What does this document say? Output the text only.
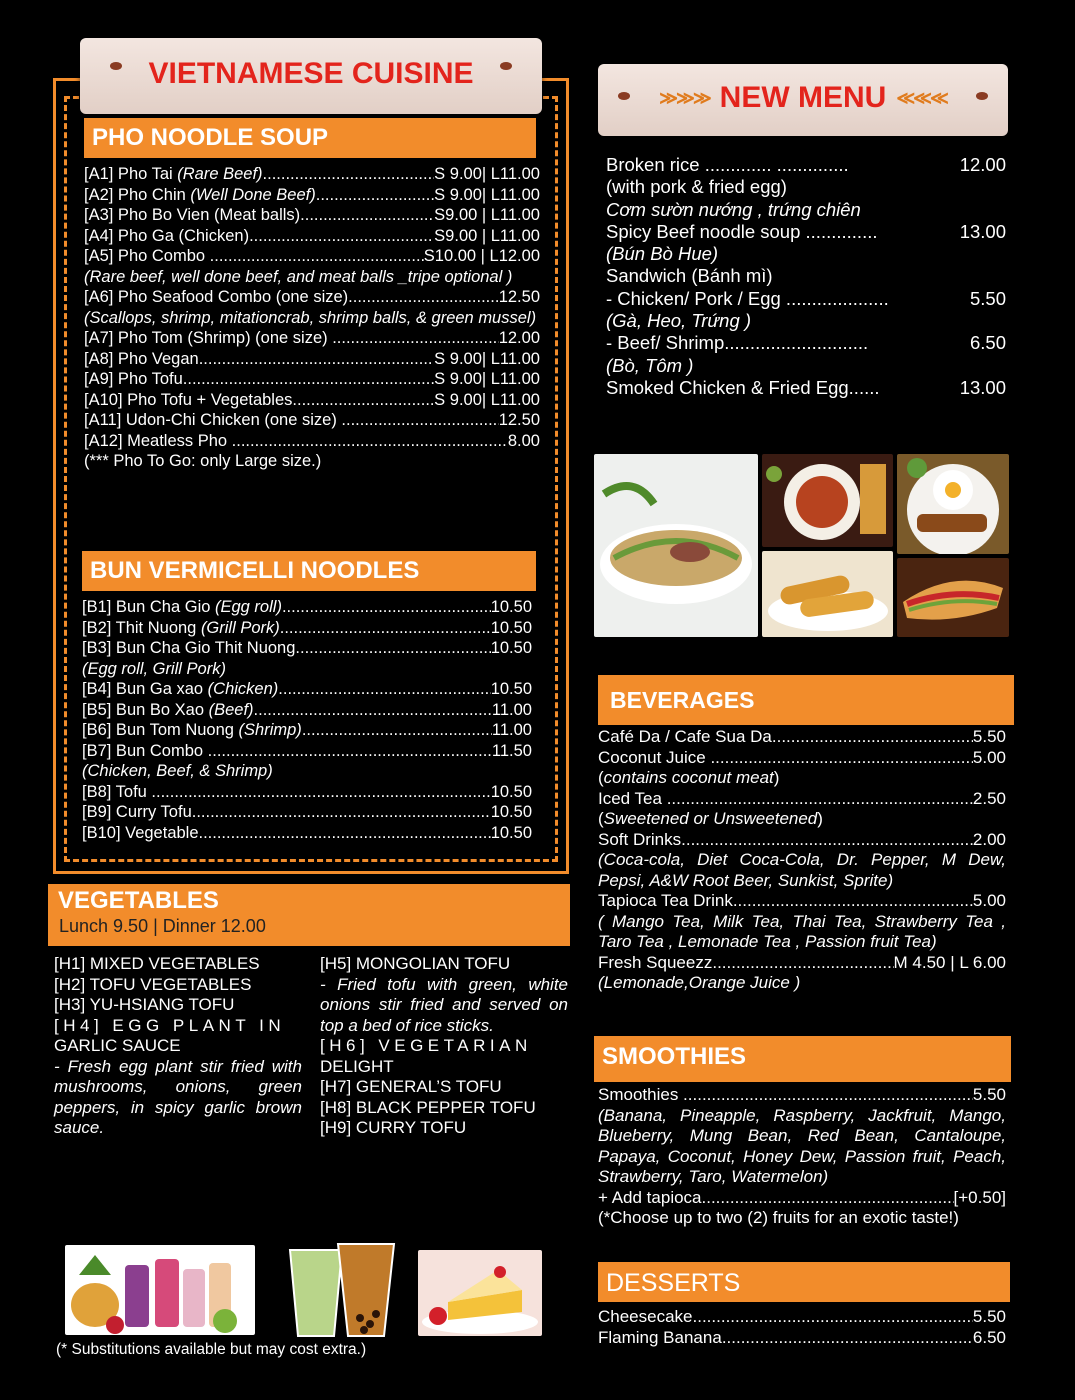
VIETNAMESE CUISINE
PHO NOODLE SOUP
[A1] Pho Tai (Rare Beef) .....	S 9.00| L11.00
[A2] Pho Chin (Well Done Beef) .....	S 9.00| L11.00
[A3] Pho Bo Vien (Meat balls) .....	S9.00 | L11.00
[A4] Pho Ga (Chicken) .....	S9.00 | L11.00
[A5] Pho Combo .....	S10.00 | L12.00
(Rare beef, well done beef, and meat balls _tripe optional )
[A6] Pho Seafood Combo (one size) .....	12.50
(Scallops, shrimp, mitationcrab, shrimp balls, & green mussel)
[A7] Pho Tom (Shrimp) (one size) .....	12.00
[A8] Pho Vegan .....	S 9.00| L11.00
[A9] Pho Tofu .....	S 9.00| L11.00
[A10] Pho Tofu + Vegetables .....	S 9.00| L11.00
[A11] Udon-Chi Chicken (one size) .....	12.50
[A12] Meatless Pho .....	8.00
(*** Pho To Go: only Large size.)
BUN VERMICELLI NOODLES
[B1] Bun Cha Gio (Egg roll) .....	10.50
[B2] Thit Nuong (Grill Pork) .....	10.50
[B3] Bun Cha Gio Thit Nuong .....	10.50
(Egg roll, Grill Pork)
[B4] Bun Ga xao (Chicken) .....	10.50
[B5] Bun Bo Xao (Beef) .....	11.00
[B6] Bun Tom Nuong (Shrimp) .....	11.00
[B7] Bun Combo .....	11.50
(Chicken, Beef, & Shrimp)
[B8] Tofu .....	10.50
[B9] Curry Tofu .....	10.50
[B10] Vegetable .....	10.50
VEGETABLES
Lunch 9.50 | Dinner 12.00
[H1] MIXED VEGETABLES
[H2] TOFU VEGETABLES
[H3] YU-HSIANG TOFU
[H4] EGG PLANT IN
GARLIC SAUCE
- Fresh egg plant stir fried with mushrooms, onions, green peppers, in spicy garlic brown sauce.
[H5] MONGOLIAN TOFU
- Fried tofu with green, white onions stir fried and served on top a bed of rice sticks.
[H6] VEGETARIAN
DELIGHT
[H7] GENERAL’S TOFU
[H8] BLACK PEPPER TOFU
[H9] CURRY TOFU
(* Substitutions available but may cost extra.)
≫≫≫ NEW MENU ≪≪≪
Broken rice ............. ..............	12.00
(with pork & fried egg)
Cơm sườn nướng , trứng chiên
Spicy Beef noodle soup ..............	13.00
(Bún Bò Hue)
Sandwich (Bánh mì)
- Chicken/ Pork / Egg ....................	5.50
(Gà, Heo, Trứng )
- Beef/ Shrimp............................	6.50
(Bò, Tôm )
Smoked Chicken & Fried Egg......	13.00
BEVERAGES
Café Da / Cafe Sua Da .....	5.50
Coconut Juice .....	5.00
(contains coconut meat)
Iced Tea .....	2.50
(Sweetened or Unsweetened)
Soft Drinks .....	2.00
(Coca-cola, Diet Coca-Cola, Dr. Pepper, M Dew, Pepsi, A&W Root Beer, Sunkist, Sprite)
Tapioca Tea Drink .....	5.00
( Mango Tea, Milk Tea, Thai Tea, Strawberry Tea , Taro Tea , Lemonade Tea , Passion fruit Tea)
Fresh Squeezz .....	M 4.50 | L 6.00
(Lemonade,Orange Juice )
SMOOTHIES
Smoothies .....	5.50
(Banana, Pineapple, Raspberry, Jackfruit, Mango, Blueberry, Mung Bean, Red Bean, Cantaloupe, Papaya, Coconut, Honey Dew, Passion fruit, Peach, Strawberry, Taro, Watermelon)
+ Add tapioca .....	[+0.50]
(*Choose up to two (2) fruits for an exotic taste!)
DESSERTS
Cheesecake .....	5.50
Flaming Banana .....	6.50
